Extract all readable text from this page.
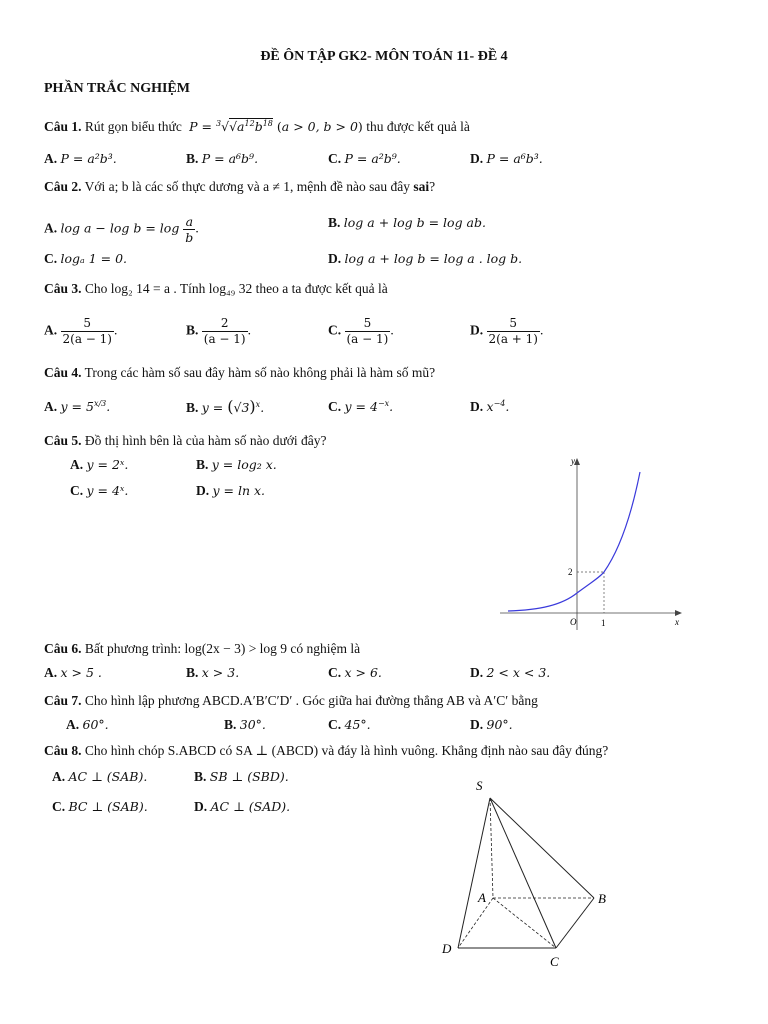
ĐỀ ÔN TẬP GK2- MÔN TOÁN 11- ĐỀ 4
PHẦN TRẮC NGHIỆM
Câu 1. Rút gọn biểu thức  $P = ^3√√a^{12}b^{18}$ (a > 0, b > 0) thu được kết quả là
A. P = a²b³.	B. P = a⁶b⁹.	C. P = a²b⁹.	D. P = a⁶b³.
Câu 2. Với a; b là các số thực dương và a ≠ 1, mệnh đề nào sau đây sai?
A. $\log a - \log b = \log \frac{a}{b}$ .	B. log a + log b = log ab.
C. logₐ 1 = 0.	D. log a + log b = log a . log b.
Câu 3. Cho log₂ 14 = a . Tính log₄₉ 32 theo a ta được kết quả là
A. $\frac{5}{2(a - 1)}$ .	B. $\frac{2}{(a - 1)}$ .	C. $\frac{5}{(a - 1)}$ .	D. $\frac{5}{2(a + 1)}$ .
Câu 4. Trong các hàm số sau đây hàm số nào không phải là hàm số mũ?
A. $y = 5^{x/3}$.	B. $y = (√3)^x$.	C. $y = 4^{-x}$.	D. $x^{-4}$.
Câu 5. Đồ thị hình bên là của hàm số nào dưới đây?
A. y = 2ˣ.	B. y = log₂ x.
C. y = 4ˣ.	D. y = ln x.
y
x
O	1
2
Câu 6. Bất phương trình: log(2x − 3) > log 9 có nghiệm là
A. x > 5 .	B. x > 3.	C. x > 6.	D. 2 < x < 3.
Câu 7. Cho hình lập phương ABCD.A′B′C′D′ . Góc giữa hai đường thẳng AB và A′C′ bằng
A. 60°.	B. 30°.	C. 45°.	D. 90°.
Câu 8. Cho hình chóp S.ABCD có SA ⊥ (ABCD) và đáy là hình vuông. Khẳng định nào sau đây đúng?
A. AC ⊥ (SAB).	B. SB ⊥ (SBD).
C. BC ⊥ (SAB).	D. AC ⊥ (SAD).
S
A	B
C
D
